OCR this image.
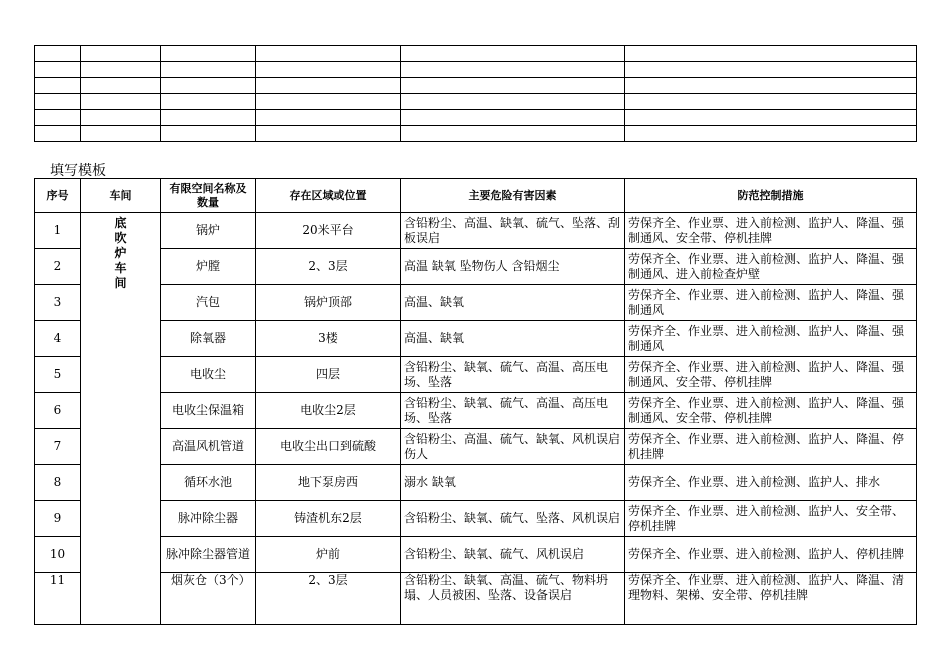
填写模板
序号	车间	有限空间名称及数量	存在区域或位置	主要危险有害因素	防范控制措施
1	底吹炉车间	锅炉	20米平台	含铅粉尘、高温、缺氧、硫气、坠落、刮板误启	劳保齐全、作业票、进入前检测、监护人、降温、强制通风、安全带、停机挂牌
2		炉膛	2、3层	高温 缺氧 坠物伤人 含铅烟尘	劳保齐全、作业票、进入前检测、监护人、降温、强制通风、进入前检查炉壁
3		汽包	锅炉顶部	高温、缺氧	劳保齐全、作业票、进入前检测、监护人、降温、强制通风
4		除氧器	3楼	高温、缺氧	劳保齐全、作业票、进入前检测、监护人、降温、强制通风
5		电收尘	四层	含铅粉尘、缺氧、硫气、高温、高压电场、坠落	劳保齐全、作业票、进入前检测、监护人、降温、强制通风、安全带、停机挂牌
6		电收尘保温箱	电收尘2层	含铅粉尘、缺氧、硫气、高温、高压电场、坠落	劳保齐全、作业票、进入前检测、监护人、降温、强制通风、安全带、停机挂牌
7		高温风机管道	电收尘出口到硫酸	含铅粉尘、高温、硫气、缺氧、风机误启伤人	劳保齐全、作业票、进入前检测、监护人、降温、停机挂牌
8		循环水池	地下泵房西	溺水 缺氧	劳保齐全、作业票、进入前检测、监护人、排水
9		脉冲除尘器	铸渣机东2层	含铅粉尘、缺氧、硫气、坠落、风机误启	劳保齐全、作业票、进入前检测、监护人、安全带、停机挂牌
10		脉冲除尘器管道	炉前	含铅粉尘、缺氧、硫气、风机误启	劳保齐全、作业票、进入前检测、监护人、停机挂牌
11		烟灰仓（3个）	2、3层	含铅粉尘、缺氧、高温、硫气、物料坍塌、人员被困、坠落、设备误启	劳保齐全、作业票、进入前检测、监护人、降温、清理物料、架梯、安全带、停机挂牌
